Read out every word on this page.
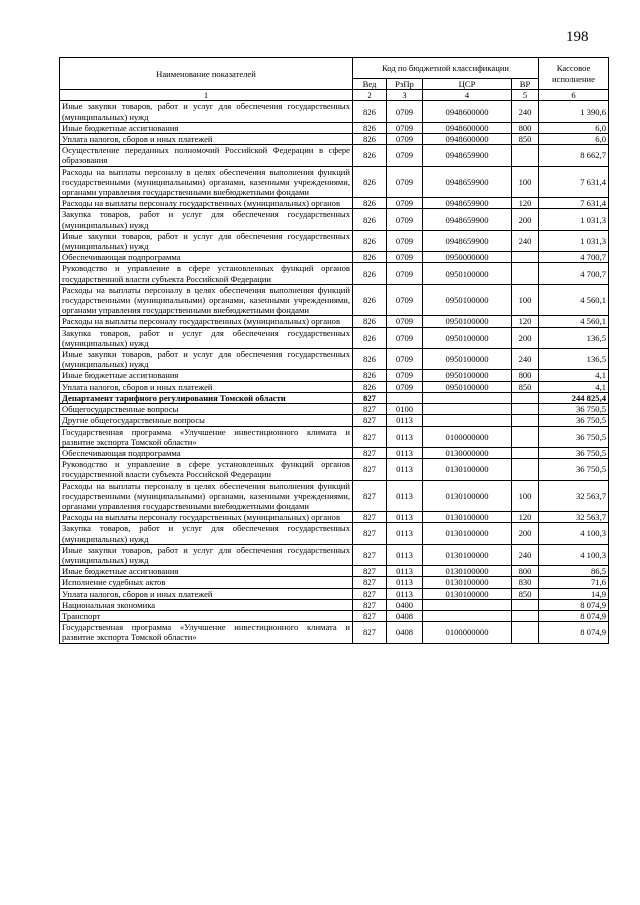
198
Наименование показателей	Код по бюджетной классификации				Кассовое исполнение
	Вед	РзПр	ЦСР	ВР	
1	2	3	4	5	6
Иные закупки товаров, работ и услуг для обеспечения государственных (муниципальных) нужд	826	0709	0948600000	240	1 390,6
Иные бюджетные ассигнования	826	0709	0948600000	800	6,0
Уплата налогов, сборов и иных платежей	826	0709	0948600000	850	6,0
Осуществление переданных полномочий Российской Федерации в сфере образования	826	0709	0948659900		8 662,7
Расходы на выплаты персоналу в целях обеспечения выполнения функций государственными (муниципальными) органами, казенными учреждениями, органами управления государственными внебюджетными фондами	826	0709	0948659900	100	7 631,4
Расходы на выплаты персоналу государственных (муниципальных) органов	826	0709	0948659900	120	7 631,4
Закупка товаров, работ и услуг для обеспечения государственных (муниципальных) нужд	826	0709	0948659900	200	1 031,3
Иные закупки товаров, работ и услуг для обеспечения государственных (муниципальных) нужд	826	0709	0948659900	240	1 031,3
Обеспечивающая подпрограмма	826	0709	0950000000		4 700,7
Руководство и управление в сфере установленных функций органов государственной власти субъекта Российской Федерации	826	0709	0950100000		4 700,7
Расходы на выплаты персоналу в целях обеспечения выполнения функций государственными (муниципальными) органами, казенными учреждениями, органами управления государственными внебюджетными фондами	826	0709	0950100000	100	4 560,1
Расходы на выплаты персоналу государственных (муниципальных) органов	826	0709	0950100000	120	4 560,1
Закупка товаров, работ и услуг для обеспечения государственных (муниципальных) нужд	826	0709	0950100000	200	136,5
Иные закупки товаров, работ и услуг для обеспечения государственных (муниципальных) нужд	826	0709	0950100000	240	136,5
Иные бюджетные ассигнования	826	0709	0950100000	800	4,1
Уплата налогов, сборов и иных платежей	826	0709	0950100000	850	4,1
Департамент тарифного регулирования Томской области	827				244 825,4
Общегосударственные вопросы	827	0100			36 750,5
Другие общегосударственные вопросы	827	0113			36 750,5
Государственная программа «Улучшение инвестиционного климата и развитие экспорта Томской области»	827	0113	0100000000		36 750,5
Обеспечивающая подпрограмма	827	0113	0130000000		36 750,5
Руководство и управление в сфере установленных функций органов государственной власти субъекта Российской Федерации	827	0113	0130100000		36 750,5
Расходы на выплаты персоналу в целях обеспечения выполнения функций государственными (муниципальными) органами, казенными учреждениями, органами управления государственными внебюджетными фондами	827	0113	0130100000	100	32 563,7
Расходы на выплаты персоналу государственных (муниципальных) органов	827	0113	0130100000	120	32 563,7
Закупка товаров, работ и услуг для обеспечения государственных (муниципальных) нужд	827	0113	0130100000	200	4 100,3
Иные закупки товаров, работ и услуг для обеспечения государственных (муниципальных) нужд	827	0113	0130100000	240	4 100,3
Иные бюджетные ассигнования	827	0113	0130100000	800	86,5
Исполнение судебных актов	827	0113	0130100000	830	71,6
Уплата налогов, сборов и иных платежей	827	0113	0130100000	850	14,9
Национальная экономика	827	0400			8 074,9
Транспорт	827	0408			8 074,9
Государственная программа «Улучшение инвестиционного климата и развитие экспорта Томской области»	827	0408	0100000000		8 074,9
